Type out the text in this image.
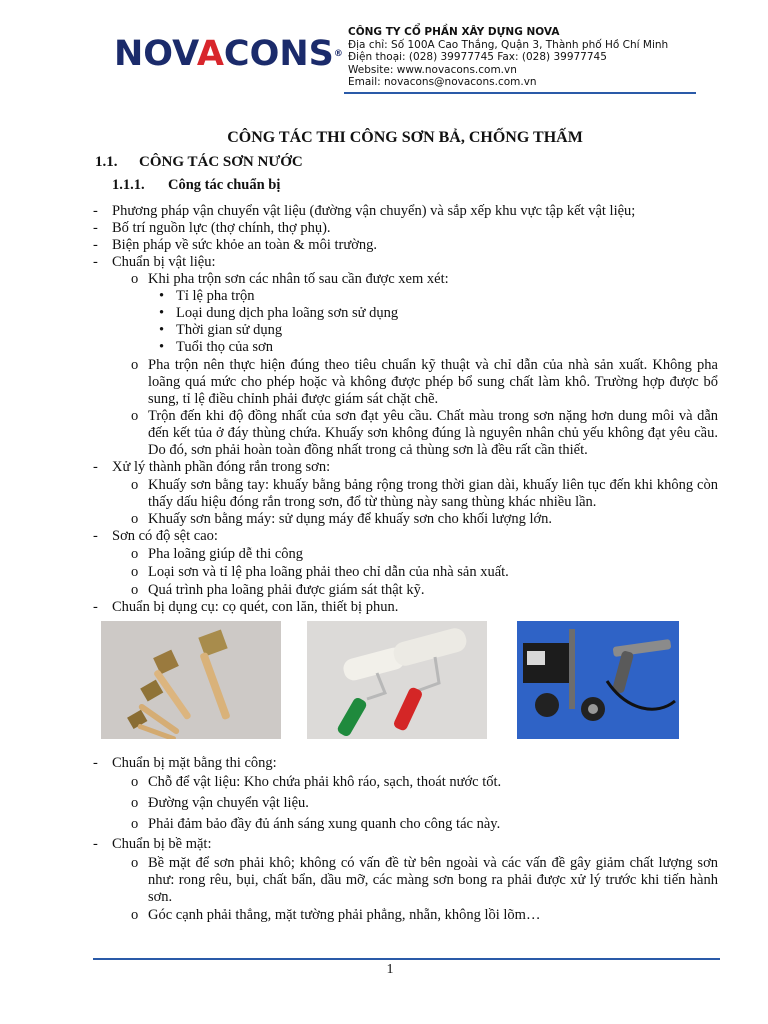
NOVACONS®
CÔNG TY CỔ PHẦN XÂY DỰNG NOVA
Địa chỉ: Số 100A Cao Thắng, Quận 3, Thành phố Hồ Chí Minh
Điện thoại: (028) 39977745 Fax: (028) 39977745
Website: www.novacons.com.vn
Email: novacons@novacons.com.vn
CÔNG TÁC THI CÔNG SƠN BẢ, CHỐNG THẤM
1.1. CÔNG TÁC SƠN NƯỚC
1.1.1. Công tác chuẩn bị
- Phương pháp vận chuyển vật liệu (đường vận chuyển) và sắp xếp khu vực tập kết vật liệu;
- Bố trí nguồn lực (thợ chính, thợ phụ).
- Biện pháp về sức khỏe an toàn & môi trường.
- Chuẩn bị vật liệu:
o Khi pha trộn sơn các nhân tố sau cần được xem xét:
• Tỉ lệ pha trộn
• Loại dung dịch pha loãng sơn sử dụng
• Thời gian sử dụng
• Tuổi thọ của sơn
o Pha trộn nên thực hiện đúng theo tiêu chuẩn kỹ thuật và chỉ dẫn của nhà sản xuất. Không pha loãng quá mức cho phép hoặc và không được phép bổ sung chất làm khô. Trường hợp được bổ sung, tỉ lệ điều chỉnh phải được giám sát chặt chẽ.
o Trộn đến khi độ đồng nhất của sơn đạt yêu cầu. Chất màu trong sơn nặng hơn dung môi và dẫn đến kết tủa ở đáy thùng chứa. Khuấy sơn không đúng là nguyên nhân chủ yếu không đạt yêu cầu. Do đó, sơn phải hoàn toàn đồng nhất trong cả thùng sơn là đều rất cần thiết.
- Xử lý thành phần đóng rắn trong sơn:
o Khuấy sơn bằng tay: khuấy bằng bảng rộng trong thời gian dài, khuấy liên tục đến khi không còn thấy dấu hiệu đóng rắn trong sơn, đổ từ thùng này sang thùng khác nhiều lần.
o Khuấy sơn bằng máy: sử dụng máy để khuấy sơn cho khối lượng lớn.
- Sơn có độ sệt cao:
o Pha loãng giúp dễ thi công
o Loại sơn và tỉ lệ pha loãng phải theo chỉ dẫn của nhà sản xuất.
o Quá trình pha loãng phải được giám sát thật kỹ.
- Chuẩn bị dụng cụ: cọ quét, con lăn, thiết bị phun.
- Chuẩn bị mặt bằng thi công:
o Chỗ để vật liệu: Kho chứa phải khô ráo, sạch, thoát nước tốt.
o Đường vận chuyển vật liệu.
o Phải đảm bảo đầy đủ ánh sáng xung quanh cho công tác này.
- Chuẩn bị bề mặt:
o Bề mặt để sơn phải khô; không có vấn đề từ bên ngoài và các vấn đề gây giảm chất lượng sơn như: rong rêu, bụi, chất bẩn, dầu mỡ, các màng sơn bong ra phải được xử lý trước khi tiến hành sơn.
o Góc cạnh phải thẳng, mặt tường phải phẳng, nhẵn, không lồi lõm…
1
